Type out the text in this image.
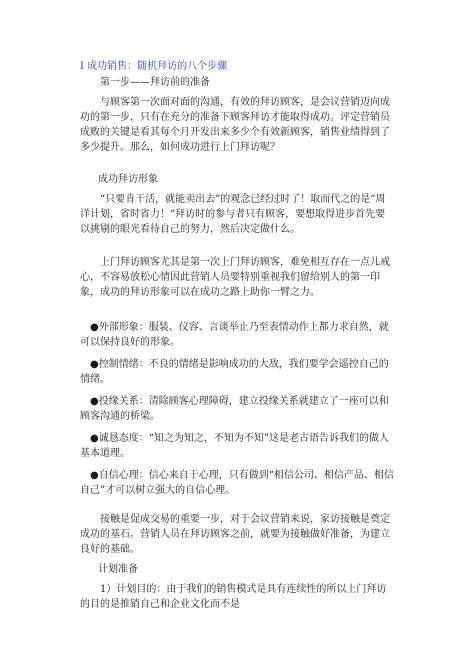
I 成功销售：随机拜访的八个步骤
第一步——拜访前的准备

与顾客第一次面对面的沟通，有效的拜访顾客，是会议营销迈向成功的第一步，只有在充分的准备下顾客拜访才能取得成功。评定营销员成败的关键是看其每个月开发出来多少个有效新顾客，销售业绩得到了多少提升。那么，如何成功进行上门拜访呢？

成功拜访形象

“只要肯干活，就能卖出去”的观念已经过时了！取而代之的是“周详计划，省时省力！”拜访时的参与者只有顾客，要想取得进步首先要以挑剔的眼光看待自己的努力，然后决定做什么。

上门拜访顾客尤其是第一次上门拜访顾客，难免相互存在一点儿戒心，不容易放松心情因此营销人员要特别重视我们留给别人的第一印象，成功的拜访形象可以在成功之路上助你一臂之力。

●外部形象：服装、仪容、言谈举止乃至表情动作上都力求自然，就可以保持良好的形象。

●控制情绪：不良的情绪是影响成功的大敌，我们要学会遥控自己的情绪。

●投缘关系：清除顾客心理障碍，建立投缘关系就建立了一座可以和顾客沟通的桥梁。

●诚恳态度：“知之为知之，不知为不知”这是老古语告诉我们的做人基本道理。

●自信心理：信心来自于心理，只有做到“相信公司、相信产品、相信自己”才可以树立强大的自信心理。

接触是促成交易的重要一步，对于会议营销来说，家访接触是奠定成功的基石。营销人员在拜访顾客之前，就要为接触做好准备，为建立良好的基础。

计划准备

1）计划目的：由于我们的销售模式是具有连续性的所以上门拜访的目的是推销自己和企业文化而不是
